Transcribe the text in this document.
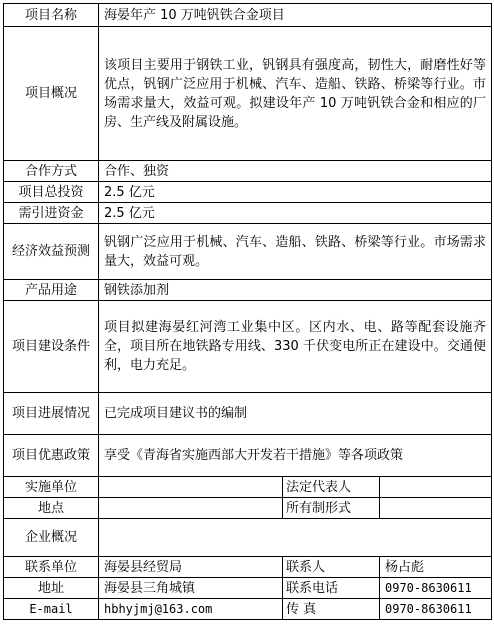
项目名称	海晏年产 10 万吨钒铁合金项目		
项目概况	该项目主要用于钢铁工业，钒钢具有强度高，韧性大，耐磨性好等优点，钒钢广泛应用于机械、汽车、造船、铁路、桥梁等行业。市场需求量大，效益可观。拟建设年产 10 万吨钒铁合金和相应的厂房、生产线及附属设施。		
合作方式	合作、独资		
项目总投资	2.5 亿元		
需引进资金	2.5 亿元		
经济效益预测	钒钢广泛应用于机械、汽车、造船、铁路、桥梁等行业。市场需求量大，效益可观。		
产品用途	钢铁添加剂		
项目建设条件	项目拟建海晏红河湾工业集中区。区内水、电、路等配套设施齐全，项目所在地铁路专用线、330 千伏变电所正在建设中。交通便利，电力充足。		
项目进展情况	已完成项目建议书的编制		
项目优惠政策	享受《青海省实施西部大开发若干措施》等各项政策		
实施单位		法定代表人	
地点		所有制形式	
企业概况			
联系单位	海晏县经贸局	联系人	杨占彪
地址	海晏县三角城镇	联系电话	0970-8630611
E-mail	hbhyjmj@163.com	传 真	0970-8630611
